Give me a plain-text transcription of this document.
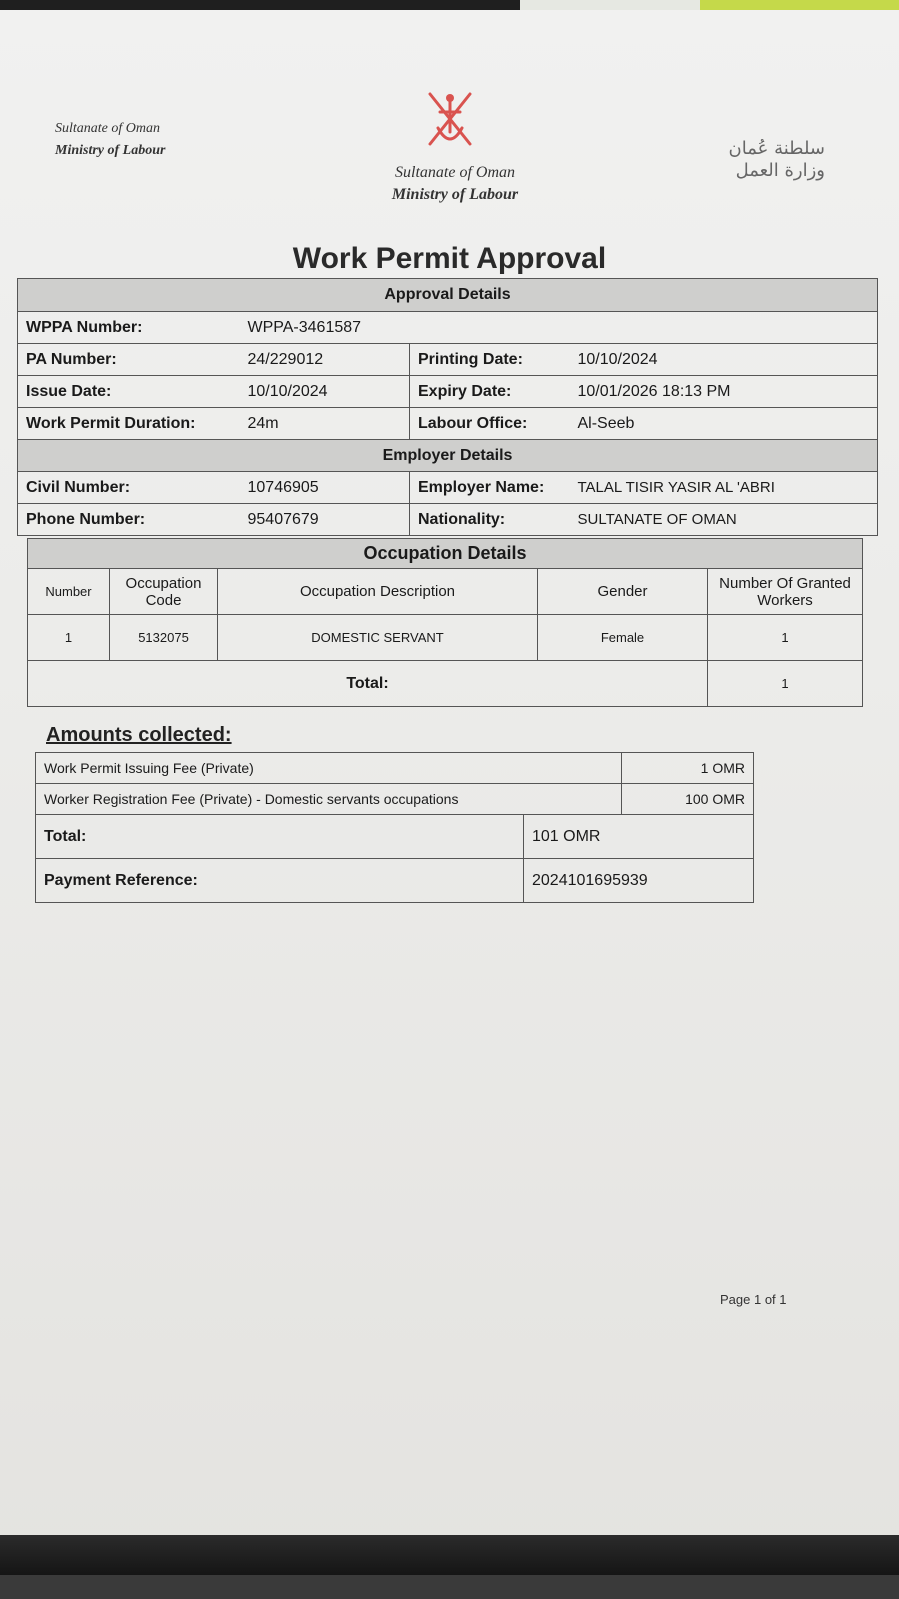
Sultanate of Oman
Ministry of Labour
Sultanate of Oman
Ministry of Labour
سلطنة عُمان
وزارة العمل
Work Permit Approval
Approval Details			
WPPA Number:	WPPA-3461587		
PA Number:	24/229012	Printing Date:	10/10/2024
Issue Date:	10/10/2024	Expiry Date:	10/01/2026 18:13 PM
Work Permit Duration:	24m	Labour Office:	Al-Seeb
Employer Details			
Civil Number:	10746905	Employer Name:	TALAL TISIR YASIR AL 'ABRI
Phone Number:	95407679	Nationality:	SULTANATE OF OMAN
Occupation Details				
Number	Occupation Code	Occupation Description	Gender	Number Of Granted Workers
1	5132075	DOMESTIC SERVANT	Female	1
Total:				1
Amounts collected:
Work Permit Issuing Fee (Private)		1 OMR
Worker Registration Fee (Private) - Domestic servants occupations		100 OMR
Total:	101 OMR	
Payment Reference:	2024101695939	
Page 1 of 1
